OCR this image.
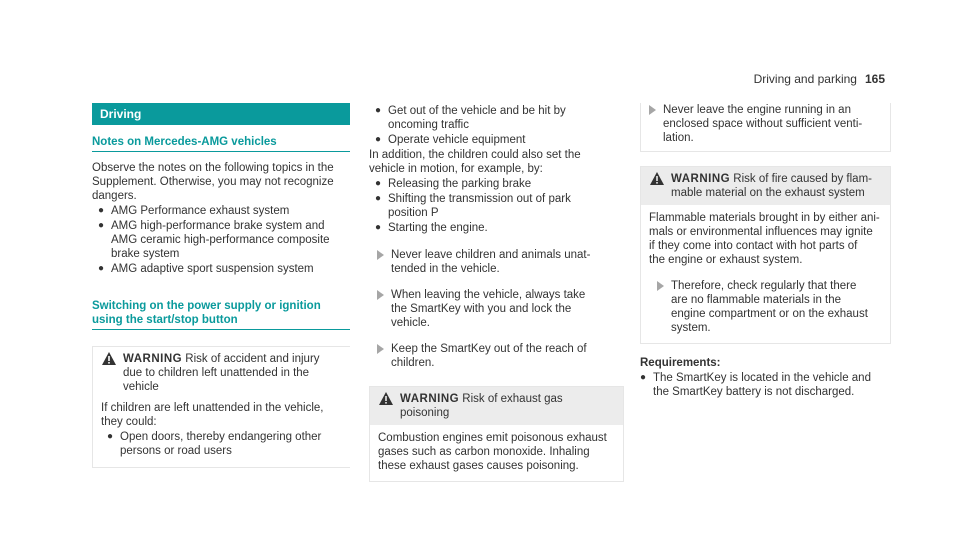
Driving and parking 165
Driving
Notes on Mercedes-AMG vehicles

Observe the notes on the following topics in the
Supplement. Otherwise, you may not recognize
dangers.

● AMG Performance exhaust system
● AMG high-performance brake system and
AMG ceramic high-performance composite
brake system
● AMG adaptive sport suspension system
Switching on the power supply or ignition
using the start/stop button
WARNING Risk of accident and injury
due to children left unattended in the
vehicle

If children are left unattended in the vehicle,
they could:

● Open doors, thereby endangering other
persons or road users
● Get out of the vehicle and be hit by
oncoming traffic
● Operate vehicle equipment

In addition, the children could also set the
vehicle in motion, for example, by:

● Releasing the parking brake
● Shifting the transmission out of park
position P
● Starting the engine.
Never leave children and animals unat-
tended in the vehicle.
When leaving the vehicle, always take
the SmartKey with you and lock the
vehicle.
Keep the SmartKey out of the reach of
children.
WARNING Risk of exhaust gas poisoning

Combustion engines emit poisonous exhaust
gases such as carbon monoxide. Inhaling
these exhaust gases causes poisoning.

Never leave the engine running in an
enclosed space without sufficient venti-
lation.
WARNING Risk of fire caused by flam-
mable material on the exhaust system

Flammable materials brought in by either ani-
mals or environmental influences may ignite
if they come into contact with hot parts of
the engine or exhaust system.

Therefore, check regularly that there
are no flammable materials in the
engine compartment or on the exhaust
system.
Requirements:
● The SmartKey is located in the vehicle and
the SmartKey battery is not discharged.
